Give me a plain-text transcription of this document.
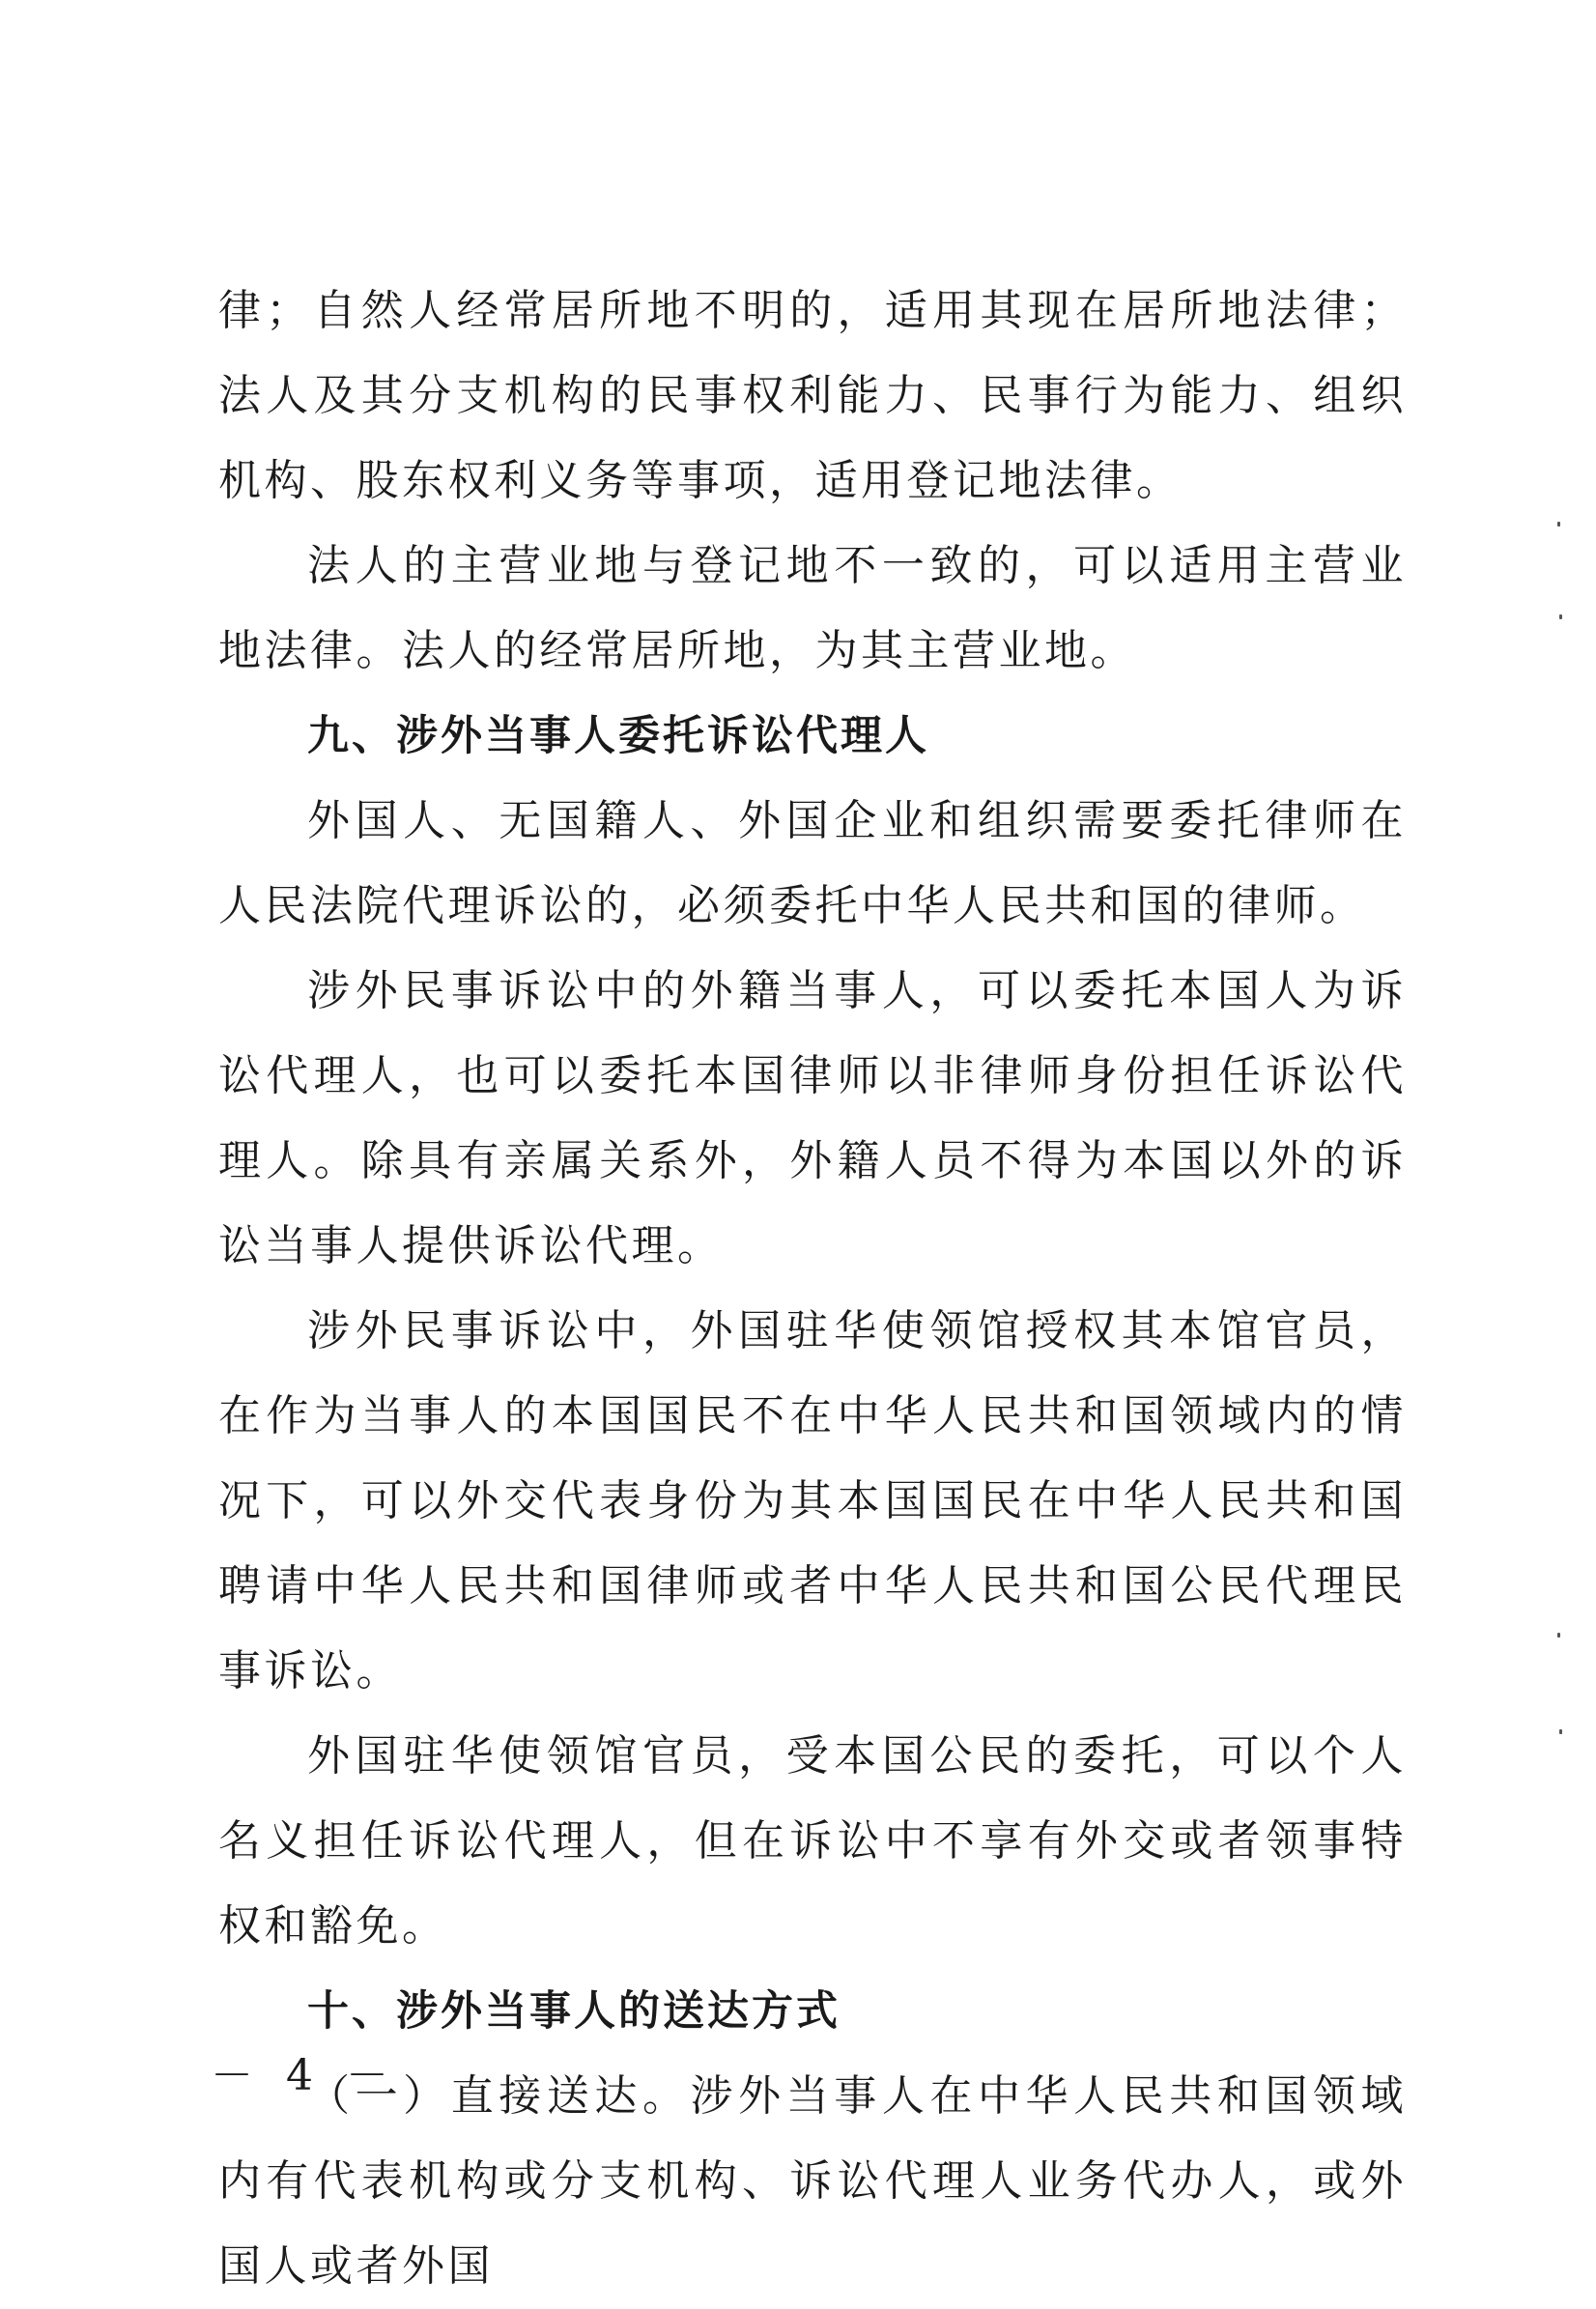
律；自然人经常居所地不明的，适用其现在居所地法律；法人及其分支机构的民事权利能力、民事行为能力、组织机构、股东权利义务等事项，适用登记地法律。

法人的主营业地与登记地不一致的，可以适用主营业地法律。法人的经常居所地，为其主营业地。

九、涉外当事人委托诉讼代理人

外国人、无国籍人、外国企业和组织需要委托律师在人民法院代理诉讼的，必须委托中华人民共和国的律师。

涉外民事诉讼中的外籍当事人，可以委托本国人为诉讼代理人，也可以委托本国律师以非律师身份担任诉讼代理人。除具有亲属关系外，外籍人员不得为本国以外的诉讼当事人提供诉讼代理。

涉外民事诉讼中，外国驻华使领馆授权其本馆官员，在作为当事人的本国国民不在中华人民共和国领域内的情况下，可以外交代表身份为其本国国民在中华人民共和国聘请中华人民共和国律师或者中华人民共和国公民代理民事诉讼。

外国驻华使领馆官员，受本国公民的委托，可以个人名义担任诉讼代理人，但在诉讼中不享有外交或者领事特权和豁免。

十、涉外当事人的送达方式

（一）直接送达。涉外当事人在中华人民共和国领域内有代表机构或分支机构、诉讼代理人业务代办人，或外国人或者外国

－ 4 －
